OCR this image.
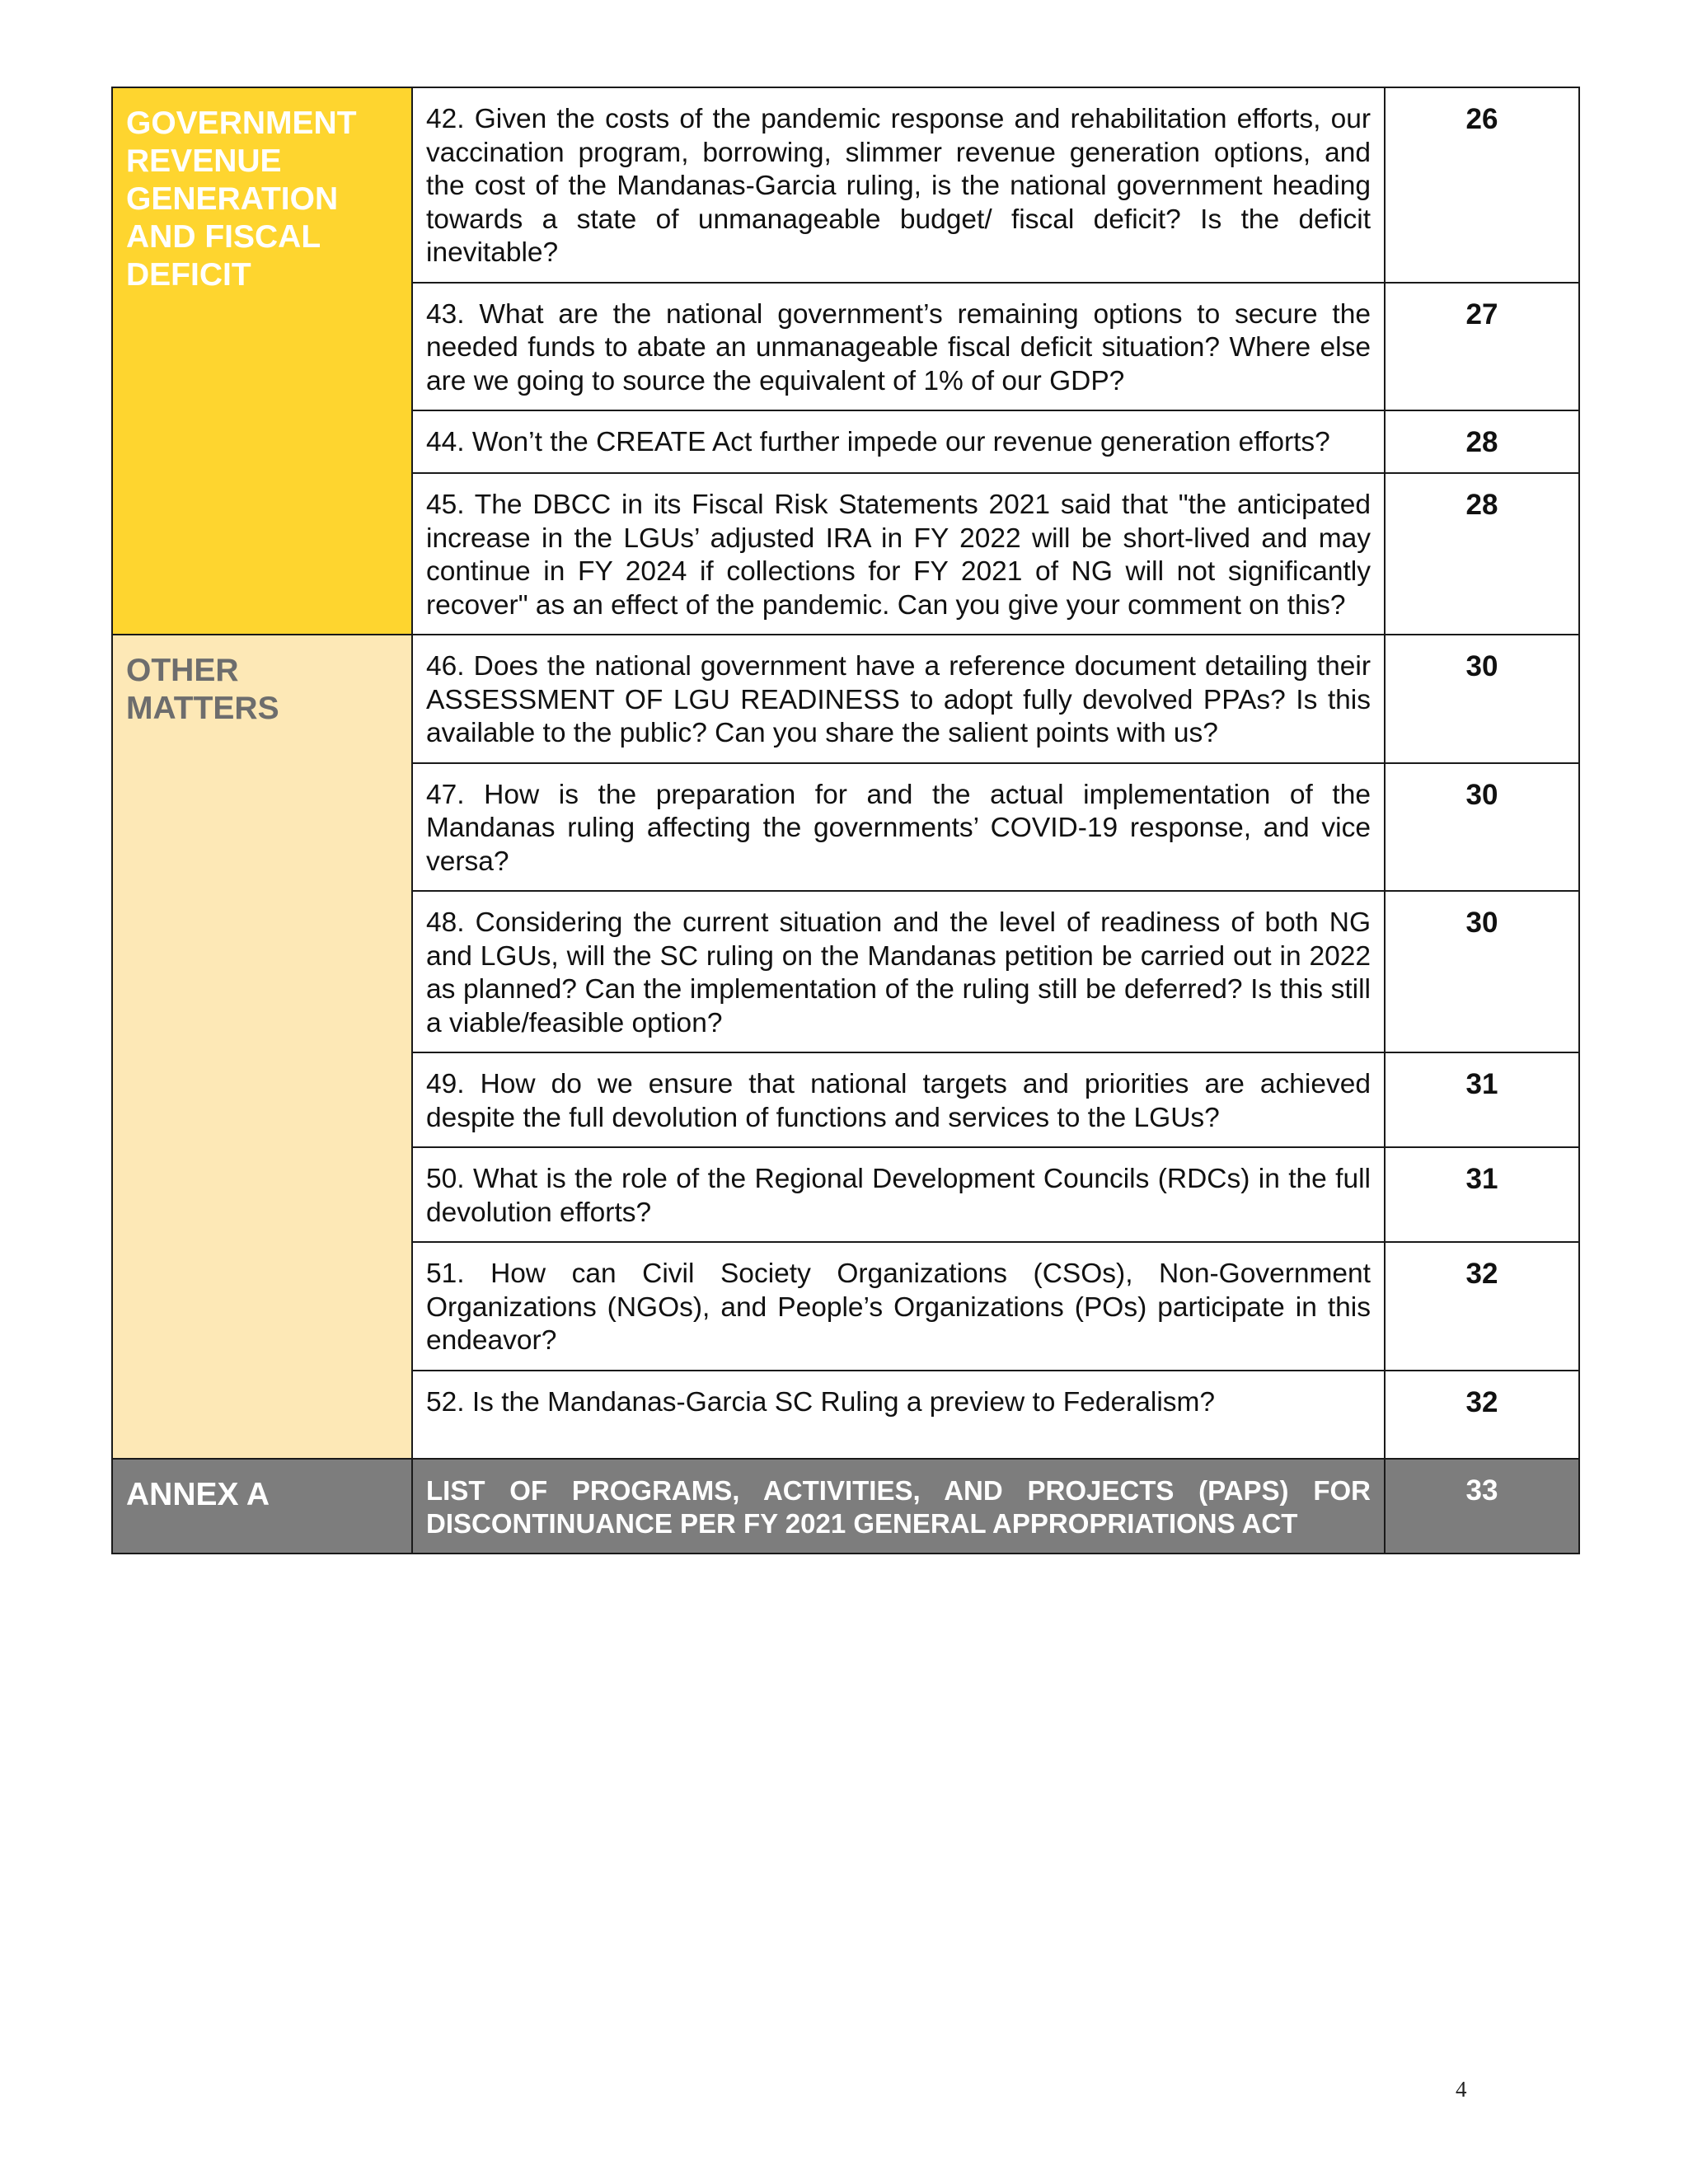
GOVERNMENT REVENUE GENERATION AND FISCAL DEFICIT	42. Given the costs of the pandemic response and rehabilitation efforts, our vaccination program, borrowing, slimmer revenue generation options, and the cost of the Mandanas-Garcia ruling, is the national government heading towards a state of unmanageable budget/ fiscal deficit? Is the deficit inevitable?	26
	43. What are the national government’s remaining options to secure the needed funds to abate an unmanageable fiscal deficit situation? Where else are we going to source the equivalent of 1% of our GDP?	27
	44. Won’t the CREATE Act further impede our revenue generation efforts?	28
	45. The DBCC in its Fiscal Risk Statements 2021 said that "the anticipated increase in the LGUs’ adjusted IRA in FY 2022 will be short-lived and may continue in FY 2024 if collections for FY 2021 of NG will not significantly recover" as an effect of the pandemic. Can you give your comment on this?	28
OTHER MATTERS	46. Does the national government have a reference document detailing their ASSESSMENT OF LGU READINESS to adopt fully devolved PPAs? Is this available to the public? Can you share the salient points with us?	30
	47. How is the preparation for and the actual implementation of the Mandanas ruling affecting the governments’ COVID-19 response, and vice versa?	30
	48. Considering the current situation and the level of readiness of both NG and LGUs, will the SC ruling on the Mandanas petition be carried out in 2022 as planned? Can the implementation of the ruling still be deferred? Is this still a viable/feasible option?	30
	49. How do we ensure that national targets and priorities are achieved despite the full devolution of functions and services to the LGUs?	31
	50. What is the role of the Regional Development Councils (RDCs) in the full devolution efforts?	31
	51. How can Civil Society Organizations (CSOs), Non-Government Organizations (NGOs), and People’s Organizations (POs) participate in this endeavor?	32
	52. Is the Mandanas-Garcia SC Ruling a preview to Federalism?	32
ANNEX A	LIST OF PROGRAMS, ACTIVITIES, AND PROJECTS (PAPS) FOR DISCONTINUANCE PER FY 2021 GENERAL APPROPRIATIONS ACT	33
4
